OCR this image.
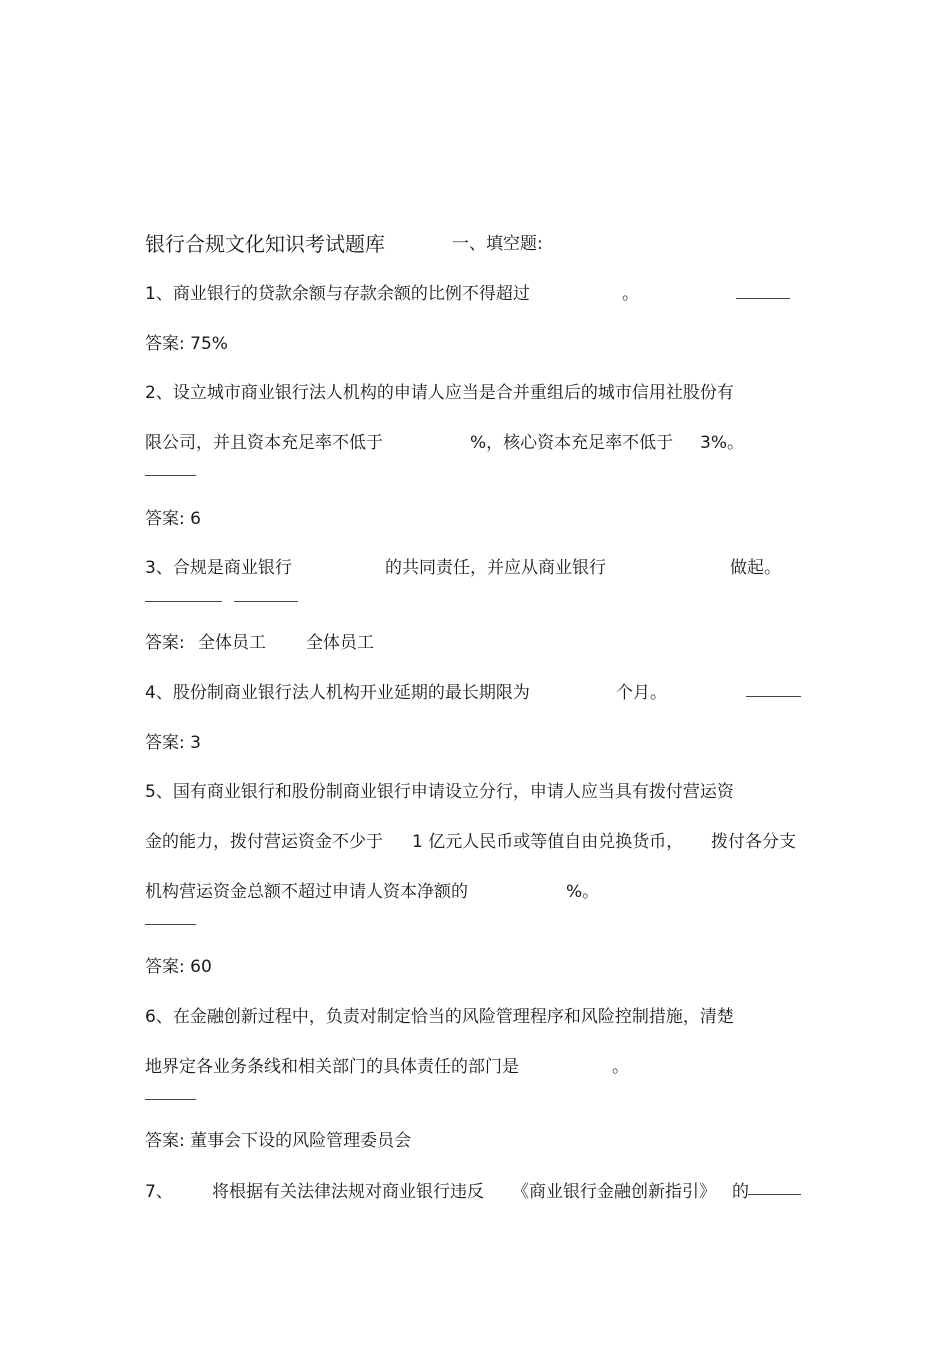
银行合规文化知识考试题库	一、填空题:
1、商业银行的贷款余额与存款余额的比例不得超过	。
答案: 75%
2、设立城市商业银行法人机构的申请人应当是合并重组后的城市信用社股份有
限公司，并且资本充足率不低于	%，核心资本充足率不低于 3%。
答案: 6
3、合规是商业银行	的共同责任，并应从商业银行	做起。
答案: 全体员工 全体员工
4、股份制商业银行法人机构开业延期的最长期限为	个月。
答案: 3
5、国有商业银行和股份制商业银行申请设立分行，申请人应当具有拨付营运资
金的能力，拨付营运资金不少于 1 亿元人民币或等值自由兑换货币， 拨付各分支
机构营运资金总额不超过申请人资本净额的	%。
答案: 60
6、在金融创新过程中，负责对制定恰当的风险管理程序和风险控制措施，清楚
地界定各业务条线和相关部门的具体责任的部门是	。
答案: 董事会下设的风险管理委员会
7、 将根据有关法律法规对商业银行违反 《商业银行金融创新指引》 的
